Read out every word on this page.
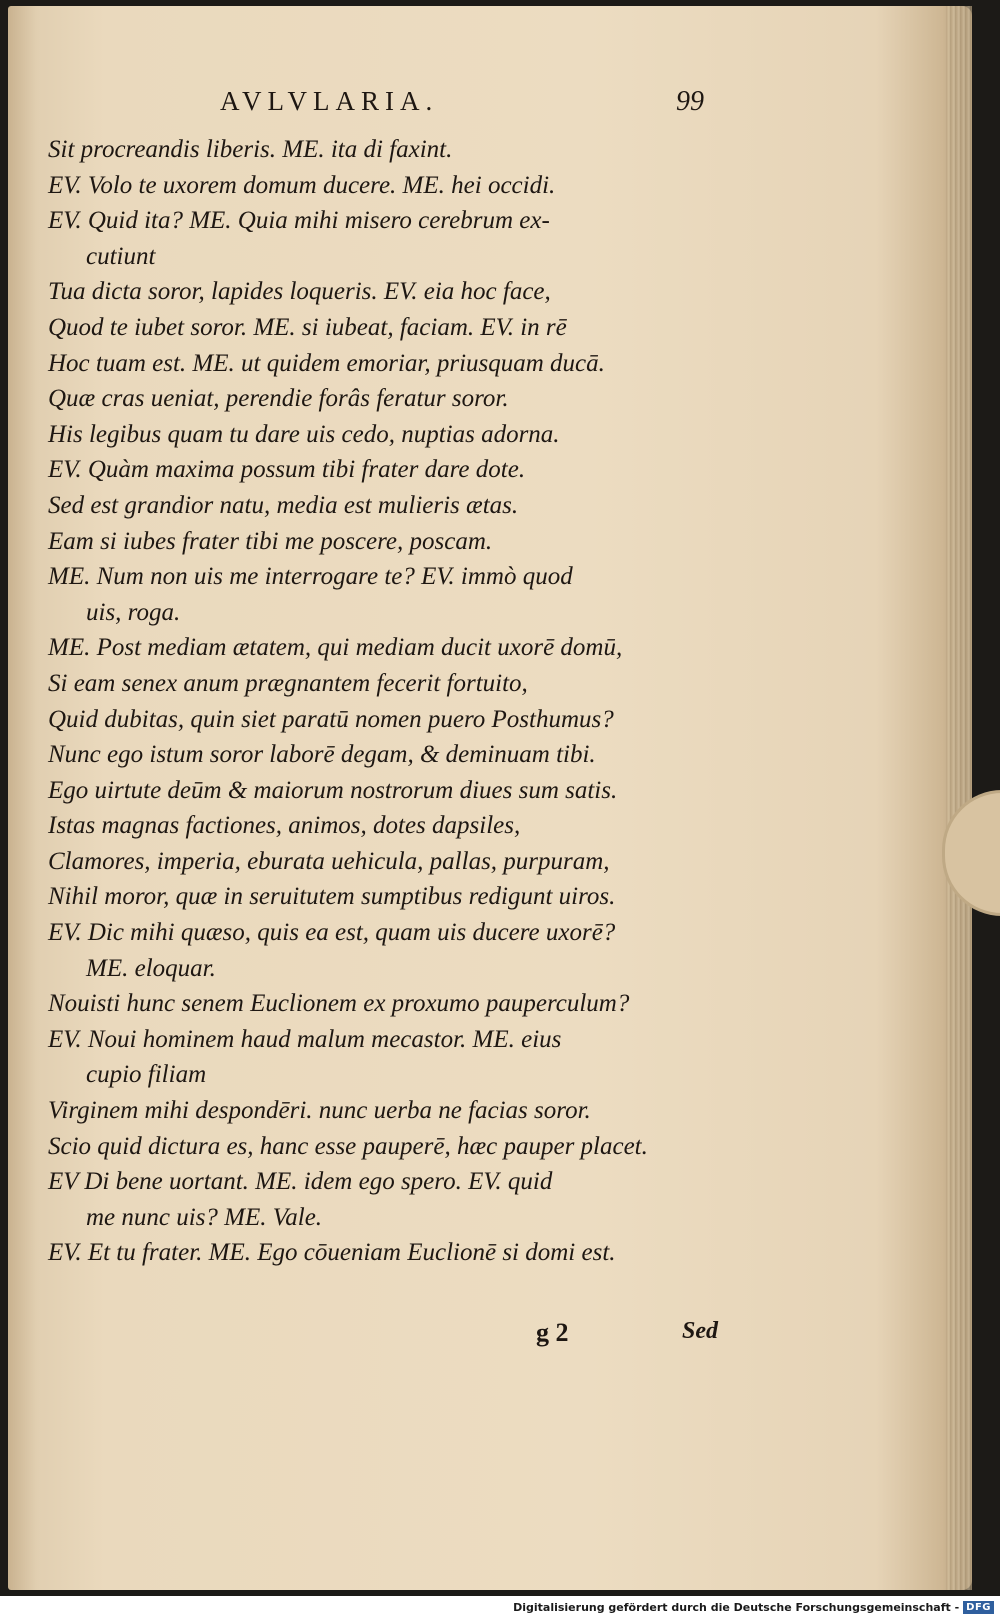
AVLVLARIA.	99
Sit procreandis liberis. ME. ita di faxint.
EV. Volo te uxorem domum ducere. ME. hei occidi.
EV. Quid ita? ME. Quia mihi misero cerebrum ex-
cutiunt
Tua dicta soror, lapides loqueris. EV. eia hoc face,
Quod te iubet soror. ME. si iubeat, faciam. EV. in rē
Hoc tuam est. ME. ut quidem emoriar, priusquam ducā.
Quæ cras ueniat, perendie forâs feratur soror.
His legibus quam tu dare uis cedo, nuptias adorna.
EV. Quàm maxima possum tibi frater dare dote.
Sed est grandior natu, media est mulieris ætas.
Eam si iubes frater tibi me poscere, poscam.
ME. Num non uis me interrogare te? EV. immò quod
uis, roga.
ME. Post mediam ætatem, qui mediam ducit uxorē domū,
Si eam senex anum prægnantem fecerit fortuito,
Quid dubitas, quin siet paratū nomen puero Posthumus?
Nunc ego istum soror laborē degam, & deminuam tibi.
Ego uirtute deūm & maiorum nostrorum diues sum satis.
Istas magnas factiones, animos, dotes dapsiles,
Clamores, imperia, eburata uehicula, pallas, purpuram,
Nihil moror, quæ in seruitutem sumptibus redigunt uiros.
EV. Dic mihi quæso, quis ea est, quam uis ducere uxorē?
ME. eloquar.
Nouisti hunc senem Euclionem ex proxumo pauperculum?
EV. Noui hominem haud malum mecastor. ME. eius
cupio filiam
Virginem mihi despondēri. nunc uerba ne facias soror.
Scio quid dictura es, hanc esse pauperē, hæc pauper placet.
EV Di bene uortant. ME. idem ego spero. EV. quid
me nunc uis? ME. Vale.
EV. Et tu frater. ME. Ego cōueniam Euclionē si domi est.
g 2	Sed
Digitalisierung gefördert durch die Deutsche Forschungsgemeinschaft - DFG
